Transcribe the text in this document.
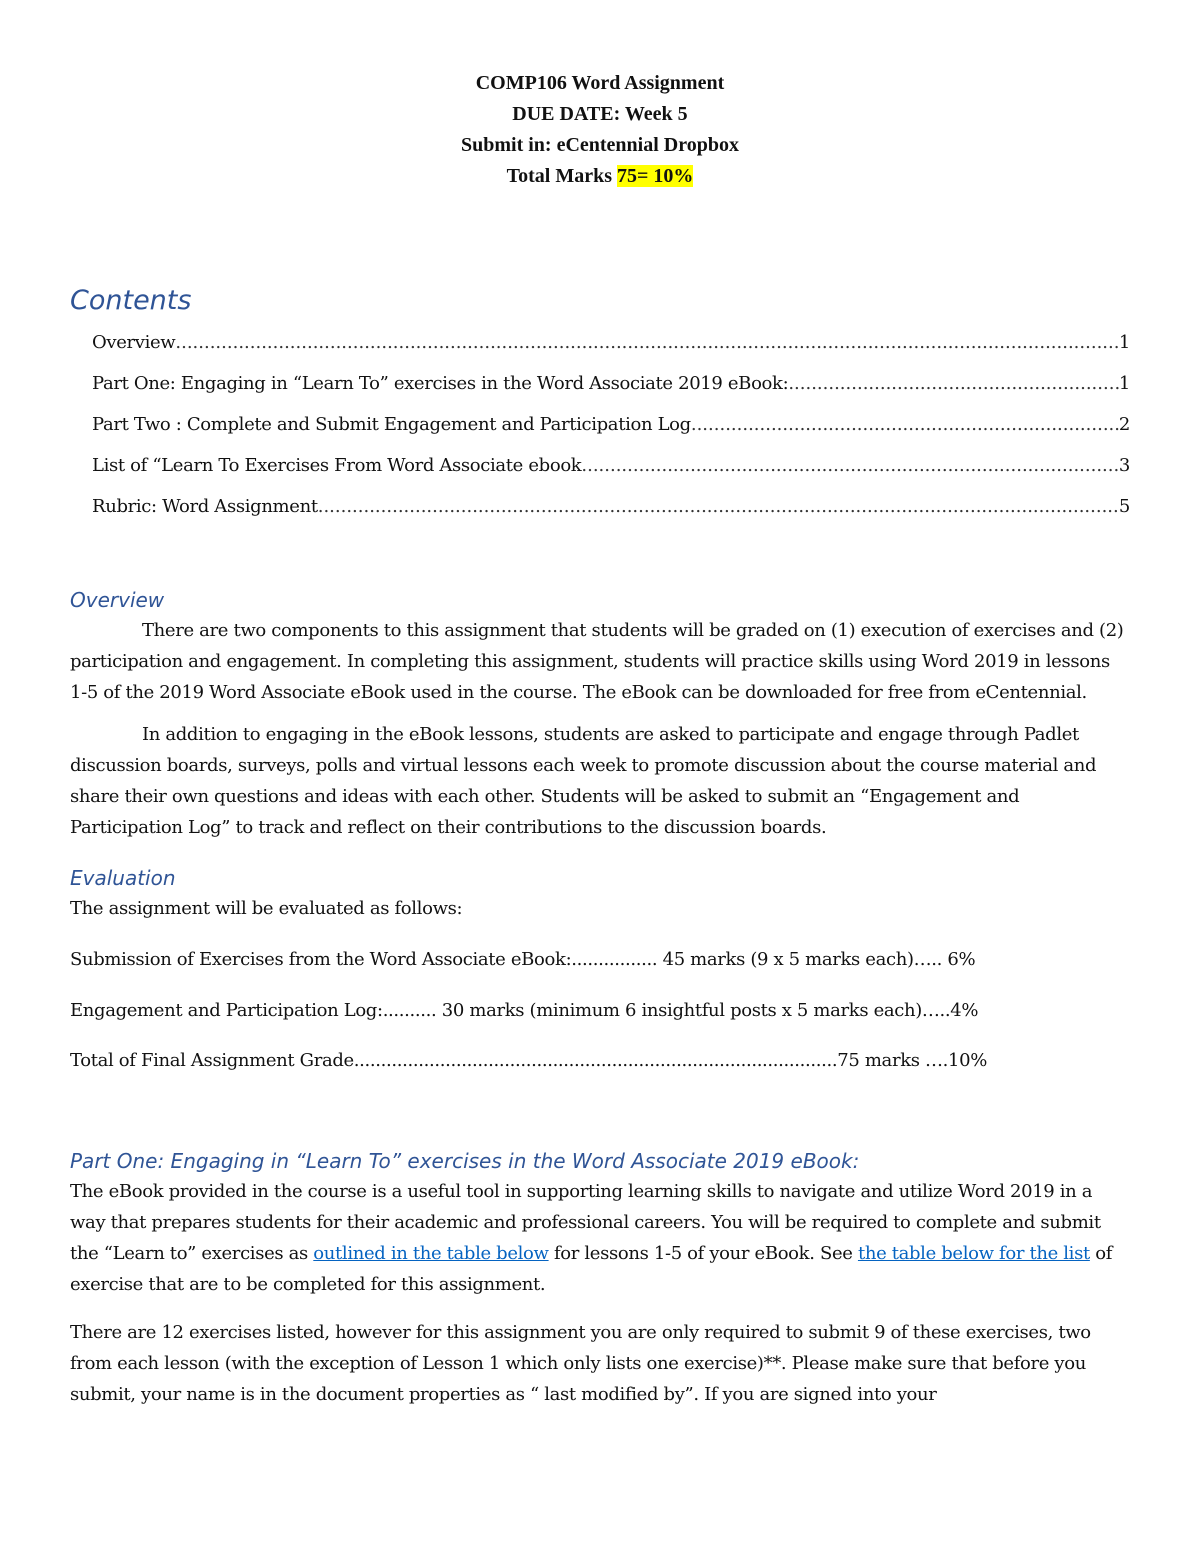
COMP106 Word Assignment
DUE DATE: Week 5
Submit in: eCentennial Dropbox
Total Marks 75= 10%
Contents
Overview .....	1
Part One: Engaging in “Learn To” exercises in the Word Associate 2019 eBook: .....	1
Part Two : Complete and Submit Engagement and Participation Log .....	2
List of “Learn To Exercises From Word Associate ebook .....	3
Rubric: Word Assignment .....	5
Overview

There are two components to this assignment that students will be graded on (1) execution of exercises and (2) participation and engagement. In completing this assignment, students will practice skills using Word 2019 in lessons 1-5 of the 2019 Word Associate eBook used in the course. The eBook can be downloaded for free from eCentennial.

In addition to engaging in the eBook lessons, students are asked to participate and engage through Padlet discussion boards, surveys, polls and virtual lessons each week to promote discussion about the course material and share their own questions and ideas with each other. Students will be asked to submit an “Engagement and Participation Log” to track and reflect on their contributions to the discussion boards.

Evaluation
The assignment will be evaluated as follows:
Submission of Exercises from the Word Associate eBook:................ 45 marks (9 x 5 marks each)….. 6%
Engagement and Participation Log:.......... 30 marks (minimum 6 insightful posts x 5 marks each)…..4%
Total of Final Assignment Grade..........................................................................................75 marks ….10%
Part One: Engaging in “Learn To” exercises in the Word Associate 2019 eBook:

The eBook provided in the course is a useful tool in supporting learning skills to navigate and utilize Word 2019 in a way that prepares students for their academic and professional careers. You will be required to complete and submit the “Learn to” exercises as outlined in the table below for lessons 1-5 of your eBook. See the table below for the list of exercise that are to be completed for this assignment.

There are 12 exercises listed, however for this assignment you are only required to submit 9 of these exercises, two from each lesson (with the exception of Lesson 1 which only lists one exercise)**. Please make sure that before you submit, your name is in the document properties as “ last modified by”. If you are signed into your
